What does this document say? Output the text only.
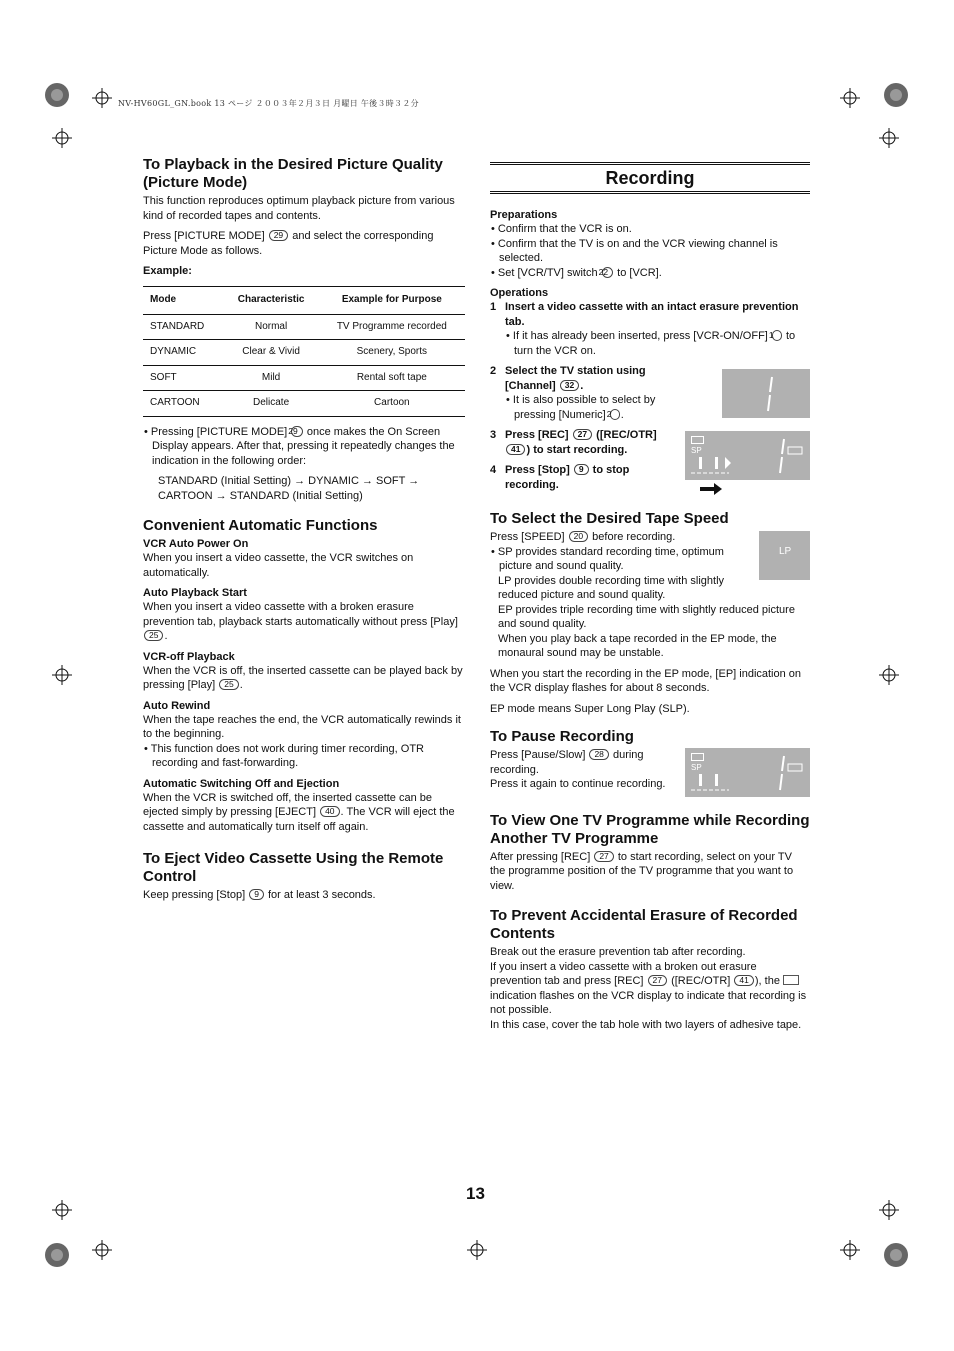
NV-HV60GL_GN.book 13 ページ ２００３年２月３日 月曜日 午後３時３２分
To Playback in the Desired Picture Quality (Picture Mode)

This function reproduces optimum playback picture from various kind of recorded tapes and contents.

Press [PICTURE MODE] 29 and select the corresponding Picture Mode as follows.

Example:
Mode	Characteristic	Example for Purpose
STANDARD	Normal	TV Programme recorded
DYNAMIC	Clear & Vivid	Scenery, Sports
SOFT	Mild	Rental soft tape
CARTOON	Delicate	Cartoon

• Pressing [PICTURE MODE] 29 once makes the On Screen Display appears. After that, pressing it repeatedly changes the indication in the following order:

STANDARD (Initial Setting) → DYNAMIC → SOFT → CARTOON → STANDARD (Initial Setting)

Convenient Automatic Functions
VCR Auto Power On

When you insert a video cassette, the VCR switches on automatically.

Auto Playback Start

When you insert a video cassette with a broken erasure prevention tab, playback starts automatically without press [Play] 25 .

VCR-off Playback

When the VCR is off, the inserted cassette can be played back by pressing [Play] 25 .

Auto Rewind

When the tape reaches the end, the VCR automatically rewinds it to the beginning.

• This function does not work during timer recording, OTR recording and fast-forwarding.

Automatic Switching Off and Ejection

When the VCR is switched off, the inserted cassette can be ejected simply by pressing [EJECT] 40 . The VCR will eject the cassette and automatically turn itself off again.

To Eject Video Cassette Using the Remote Control

Keep pressing [Stop] 9 for at least 3 seconds.

Recording
Preparations

• Confirm that the VCR is on.

• Confirm that the TV is on and the VCR viewing channel is selected.

• Set [VCR/TV] switch 22 to [VCR].

Operations
1 Insert a video cassette with an intact erasure prevention tab.
• If it has already been inserted, press [VCR-ON/OFF] 1 to turn the VCR on.
2 Select the TV station using [Channel] 32 .
• It is also possible to select by pressing [Numeric] 2 .
3 Press [REC] 27 ([REC/OTR] 41 ) to start recording.
4 Press [Stop] 9 to stop recording.
To Select the Desired Tape Speed

Press [SPEED] 20 before recording.

• SP provides standard recording time, optimum picture and sound quality.

LP provides double recording time with slightly reduced picture and sound quality.

EP provides triple recording time with slightly reduced picture and sound quality.

When you play back a tape recorded in the EP mode, the monaural sound may be unstable.

When you start the recording in the EP mode, [EP] indication on the VCR display flashes for about 8 seconds.

EP mode means Super Long Play (SLP).

To Pause Recording

Press [Pause/Slow] 28 during recording.
Press it again to continue recording.

To View One TV Programme while Recording Another TV Programme

After pressing [REC] 27 to start recording, select on your TV the programme position of the TV programme that you want to view.

To Prevent Accidental Erasure of Recorded Contents

Break out the erasure prevention tab after recording.

If you insert a video cassette with a broken out erasure prevention tab and press [REC] 27 ([REC/OTR] 41 ), the  indication flashes on the VCR display to indicate that recording is not possible.

In this case, cover the tab hole with two layers of adhesive tape.

SP
LP
SP
13
